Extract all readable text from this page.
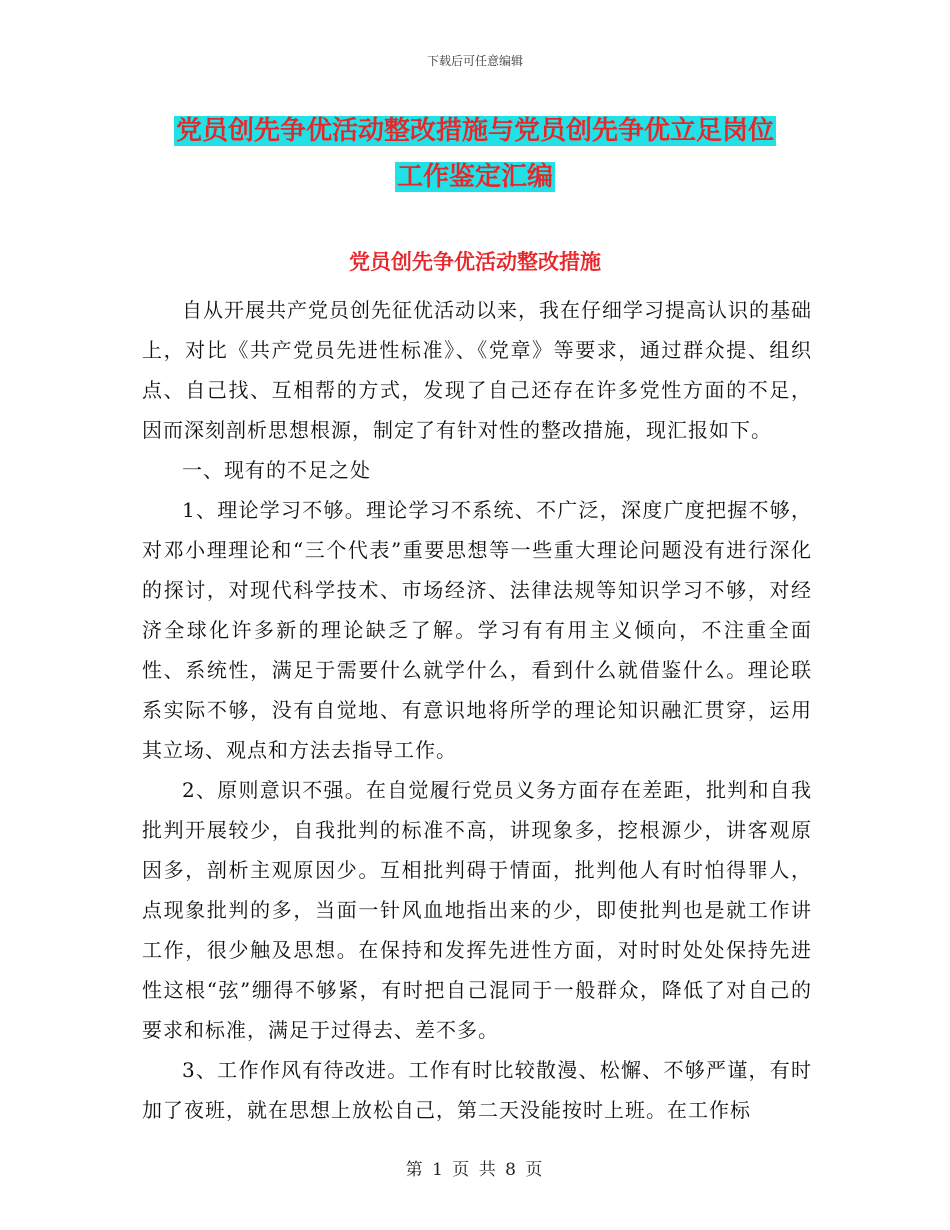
下载后可任意编辑
党员创先争优活动整改措施与党员创先争优立足岗位
工作鉴定汇编
党员创先争优活动整改措施

自从开展共产党员创先征优活动以来，我在仔细学习提高认识的基础上，对比《共产党员先进性标准》、《党章》等要求，通过群众提、组织点、自己找、互相帮的方式，发现了自己还存在许多党性方面的不足，因而深刻剖析思想根源，制定了有针对性的整改措施，现汇报如下。

一、现有的不足之处

1、理论学习不够。理论学习不系统、不广泛，深度广度把握不够，对邓小理理论和“三个代表”重要思想等一些重大理论问题没有进行深化的探讨，对现代科学技术、市场经济、法律法规等知识学习不够，对经济全球化许多新的理论缺乏了解。学习有有用主义倾向，不注重全面性、系统性，满足于需要什么就学什么，看到什么就借鉴什么。理论联系实际不够，没有自觉地、有意识地将所学的理论知识融汇贯穿，运用其立场、观点和方法去指导工作。

2、原则意识不强。在自觉履行党员义务方面存在差距，批判和自我批判开展较少，自我批判的标准不高，讲现象多，挖根源少，讲客观原因多，剖析主观原因少。互相批判碍于情面，批判他人有时怕得罪人，点现象批判的多，当面一针风血地指出来的少，即使批判也是就工作讲工作，很少触及思想。在保持和发挥先进性方面，对时时处处保持先进性这根“弦”绷得不够紧，有时把自己混同于一般群众，降低了对自己的要求和标准，满足于过得去、差不多。

3、工作作风有待改进。工作有时比较散漫、松懈、不够严谨，有时加了夜班，就在思想上放松自己，第二天没能按时上班。在工作标

第 1 页 共 8 页
